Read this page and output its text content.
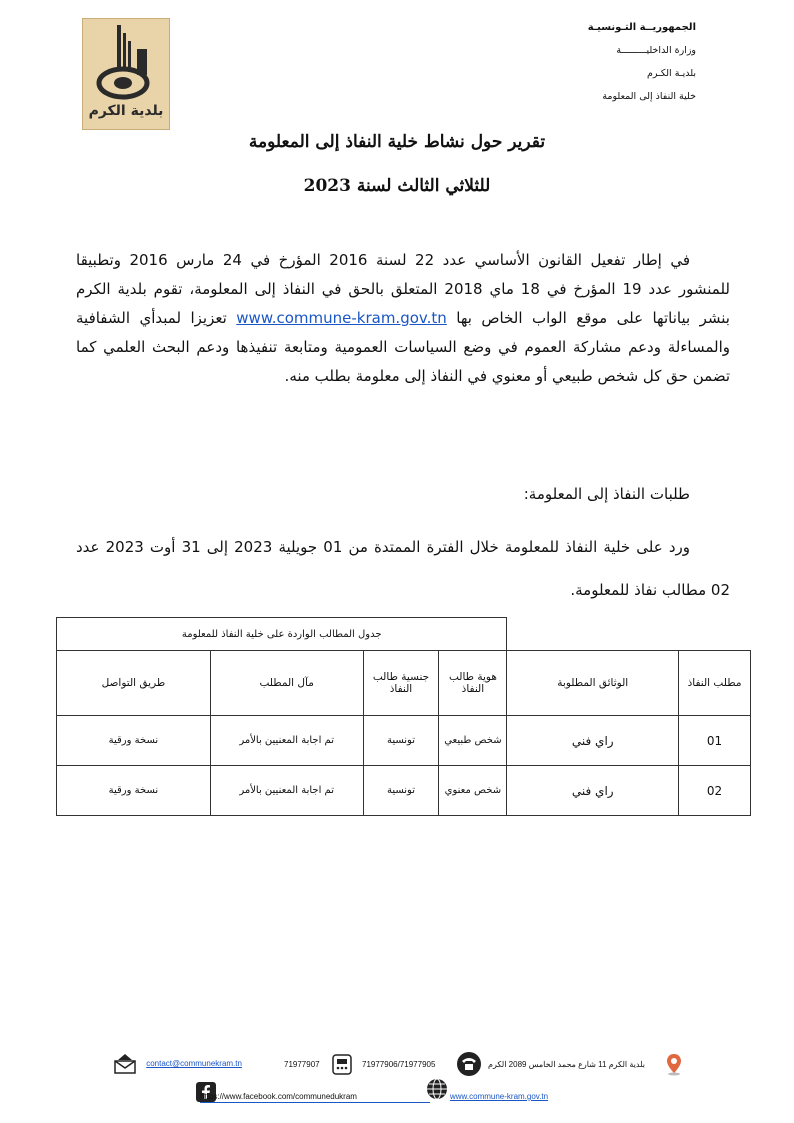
بلدية الكرم
الجمهوريــة التـونسيـة
وزارة الداخليـــــــــة
بلديـة الكـرم
خلية النفاذ إلى المعلومة
تقرير حول نشاط خلية النفاذ إلى المعلومة
للثلاثي الثالث لسنة 2023
في إطار تفعيل القانون الأساسي عدد 22 لسنة 2016 المؤرخ في 24 مارس 2016 وتطبيقا للمنشور عدد 19 المؤرخ في 18 ماي 2018 المتعلق بالحق في النفاذ إلى المعلومة، تقوم بلدية الكرم بنشر بياناتها على موقع الواب الخاص بها www.commune-kram.gov.tn تعزيزا لمبدأي الشفافية والمساءلة ودعم مشاركة العموم في وضع السياسات العمومية ومتابعة تنفيذها ودعم البحث العلمي كما تضمن حق كل شخص طبيعي أو معنوي في النفاذ إلى معلومة بطلب منه.
طلبات النفاذ إلى المعلومة:
ورد على خلية النفاذ للمعلومة خلال الفترة الممتدة من 01 جويلية 2023 إلى 31 أوت 2023 عدد 02 مطالب نفاذ للمعلومة.
		جدول المطالب الواردة على خلية النفاذ للمعلومة			
مطلب النفاذ	الوثائق المطلوبة	هوية طالب النفاذ	جنسية طالب النفاذ	مآل المطلب	طريق التواصل
01	راي فني	شخص طبيعي	تونسية	تم اجابة المعنيين بالأمر	نسخة ورقية
02	راي فني	شخص معنوي	تونسية	تم اجابة المعنيين بالأمر	نسخة ورقية
contact@communekram.tn	71977907	71977906/71977905	بلدية الكرم 11 شارع محمد الخامس 2089 الكرم
https://www.facebook.com/communedukram	www.commune-kram.gov.tn
